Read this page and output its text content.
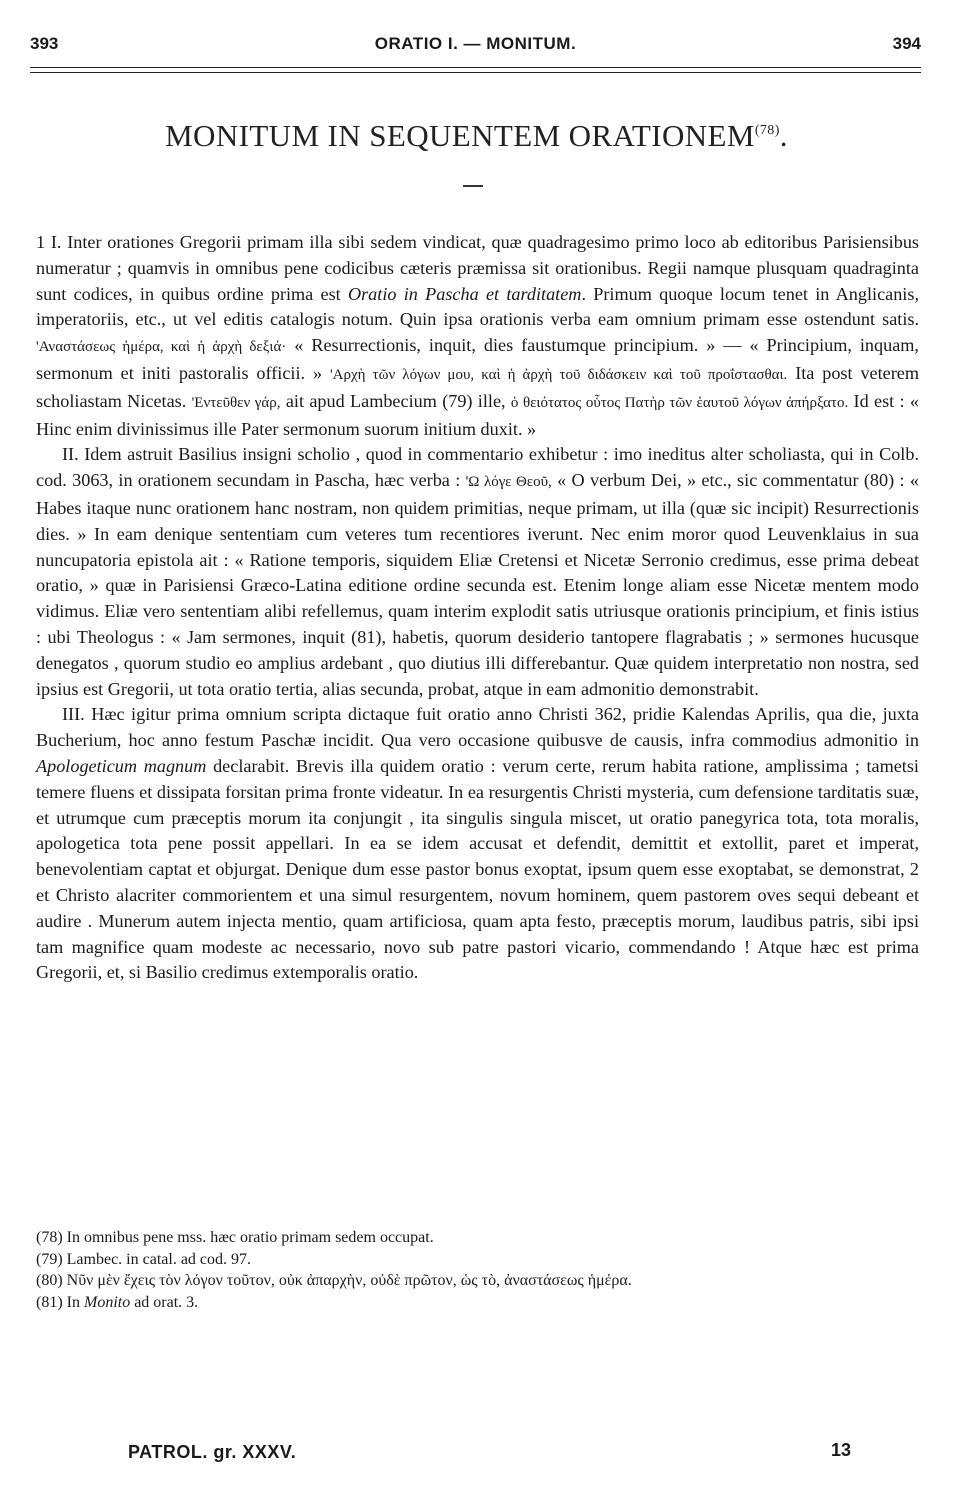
393	ORATIO I. — MONITUM.	394
MONITUM IN SEQUENTEM ORATIONEM$^{(78)}$.

1 I. Inter orationes Gregorii primam illa sibi sedem vindicat, quæ quadragesimo primo loco ab editoribus Parisiensibus numeratur ; quamvis in omnibus pene codicibus cæteris præmissa sit orationibus. Regii namque plusquam quadraginta sunt codices, in quibus ordine prima est Oratio in Pascha et tarditatem. Primum quoque locum tenet in Anglicanis, imperatoriis, etc., ut vel editis catalogis notum. Quin ipsa orationis verba eam omnium primam esse ostendunt satis. 'Αναστάσεως ἡμέρα, καὶ ἡ ἀρχὴ δεξιά· « Resurrectionis, inquit, dies faustumque principium. » — « Principium, inquam, sermonum et initi pastoralis officii. » 'Αρχὴ τῶν λόγων μου, καὶ ἡ ἀρχὴ τοῦ διδάσκειν καὶ τοῦ προΐστασθαι. Ita post veterem scholiastam Nicetas. 'Εντεῦθεν γάρ, ait apud Lambecium (79) ille, ὁ θειότατος οὗτος Πατὴρ τῶν ἑαυτοῦ λόγων ἀπήρξατο. Id est : « Hinc enim divinissimus ille Pater sermonum suorum initium duxit. »

II. Idem astruit Basilius insigni scholio , quod in commentario exhibetur : imo ineditus alter scholiasta, qui in Colb. cod. 3063, in orationem secundam in Pascha, hæc verba : 'Ω λόγε Θεοῦ, « O verbum Dei, » etc., sic commentatur (80) : « Habes itaque nunc orationem hanc nostram, non quidem primitias, neque primam, ut illa (quæ sic incipit) Resurrectionis dies. » In eam denique sententiam cum veteres tum recentiores iverunt. Nec enim moror quod Leuvenklaius in sua nuncupatoria epistola ait : « Ratione temporis, siquidem Eliæ Cretensi et Nicetæ Serronio credimus, esse prima debeat oratio, » quæ in Parisiensi Græco-Latina editione ordine secunda est. Etenim longe aliam esse Nicetæ mentem modo vidimus. Eliæ vero sententiam alibi refellemus, quam interim explodit satis utriusque orationis principium, et finis istius : ubi Theologus : « Jam sermones, inquit (81), habetis, quorum desiderio tantopere flagrabatis ; » sermones hucusque denegatos , quorum studio eo amplius ardebant , quo diutius illi differebantur. Quæ quidem interpretatio non nostra, sed ipsius est Gregorii, ut tota oratio tertia, alias secunda, probat, atque in eam admonitio demonstrabit.

III. Hæc igitur prima omnium scripta dictaque fuit oratio anno Christi 362, pridie Kalendas Aprilis, qua die, juxta Bucherium, hoc anno festum Paschæ incidit. Qua vero occasione quibusve de causis, infra commodius admonitio in Apologeticum magnum declarabit. Brevis illa quidem oratio : verum certe, rerum habita ratione, amplissima ; tametsi temere fluens et dissipata forsitan prima fronte videatur. In ea resurgentis Christi mysteria, cum defensione tarditatis suæ, et utrumque cum præceptis morum ita conjungit , ita singulis singula miscet, ut oratio panegyrica tota, tota moralis, apologetica tota pene possit appellari. In ea se idem accusat et defendit, demittit et extollit, paret et imperat, benevolentiam captat et objurgat. Denique dum esse pastor bonus exoptat, ipsum quem esse exoptabat, se demonstrat, 2 et Christo alacriter commorientem et una simul resurgentem, novum hominem, quem pastorem oves sequi debeant et audire . Munerum autem injecta mentio, quam artificiosa, quam apta festo, præceptis morum, laudibus patris, sibi ipsi tam magnifice quam modeste ac necessario, novo sub patre pastori vicario, commendando ! Atque hæc est prima Gregorii, et, si Basilio credimus extemporalis oratio.

(78) In omnibus pene mss. hæc oratio primam sedem occupat.

(79) Lambec. in catal. ad cod. 97.

(80) Νῦν μὲν ἔχεις τὸν λόγον τοῦτον, οὐκ ἀπαρχὴν, οὐδὲ πρῶτον, ὡς τὸ, ἀναστάσεως ἡμέρα.

(81) In Monito ad orat. 3.

PATROL. gr. XXXV.	13
